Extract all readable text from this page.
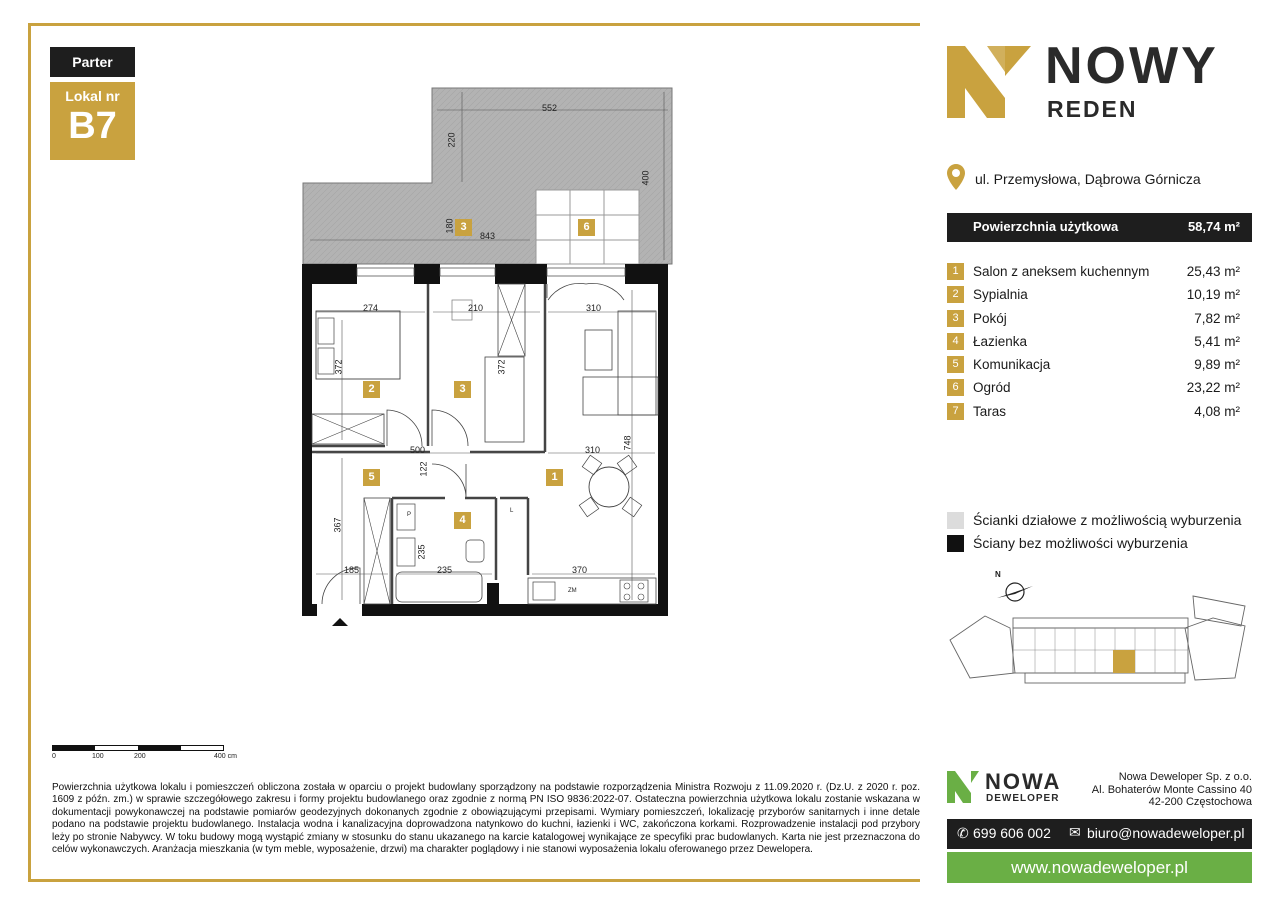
Parter
Lokal nr
B7	552
220
400
180
843
274	210	310
372	372
500
122
310 748
367
185
235
235	370
3	6
2	3
5	1
4
ZM
P
L
NOWY
REDEN
ul. Przemysłowa, Dąbrowa Górnicza
Powierzchnia użytkowa	58,74 m²
1	Salon z aneksem kuchennym	25,43 m²
2	Sypialnia	10,19 m²
3	Pokój	7,82 m²
4	Łazienka	5,41 m²
5	Komunikacja	9,89 m²
6	Ogród	23,22 m²
7	Taras	4,08 m²
Ścianki działowe z możliwością wyburzenia
Ściany bez możliwości wyburzenia
N
0	100	200	400 cm
Powierzchnia użytkowa lokalu i pomieszczeń obliczona została w oparciu o projekt budowlany sporządzony na podstawie rozporządzenia Ministra Rozwoju z 11.09.2020 r. (Dz.U. z 2020 r. poz. 1609 z późn. zm.) w sprawie szczegółowego zakresu i formy projektu budowlanego oraz zgodnie z normą PN ISO 9836:2022-07. Ostateczna powierzchnia użytkowa lokalu zostanie wskazana w dokumentacji powykonawczej na podstawie pomiarów geodezyjnych dokonanych zgodnie z obowiązującymi przepisami. Wymiary pomieszczeń, lokalizację przyborów sanitarnych i inne detale podano na podstawie projektu budowlanego. Instalacja wodna i kanalizacyjna doprowadzona natynkowo do kuchni, łazienki i WC, zakończona korkami. Rozprowadzenie instalacji pod przybory leży po stronie Nabywcy. W toku budowy mogą wystąpić zmiany w stosunku do stanu ukazanego na karcie katalogowej wynikające ze specyfiki prac budowlanych. Karta nie jest przeznaczona do celów wykonawczych. Aranżacja mieszkania (w tym meble, wyposażenie, drzwi) ma charakter poglądowy i nie stanowi wyposażenia lokalu oferowanego przez Dewelopera.
NOWA
DEWELOPER
Nowa Deweloper Sp. z o.o.
Al. Bohaterów Monte Cassino 40
42-200 Częstochowa
✆ 699 606 002 ✉ biuro@nowadeweloper.pl
www.nowadeweloper.pl
